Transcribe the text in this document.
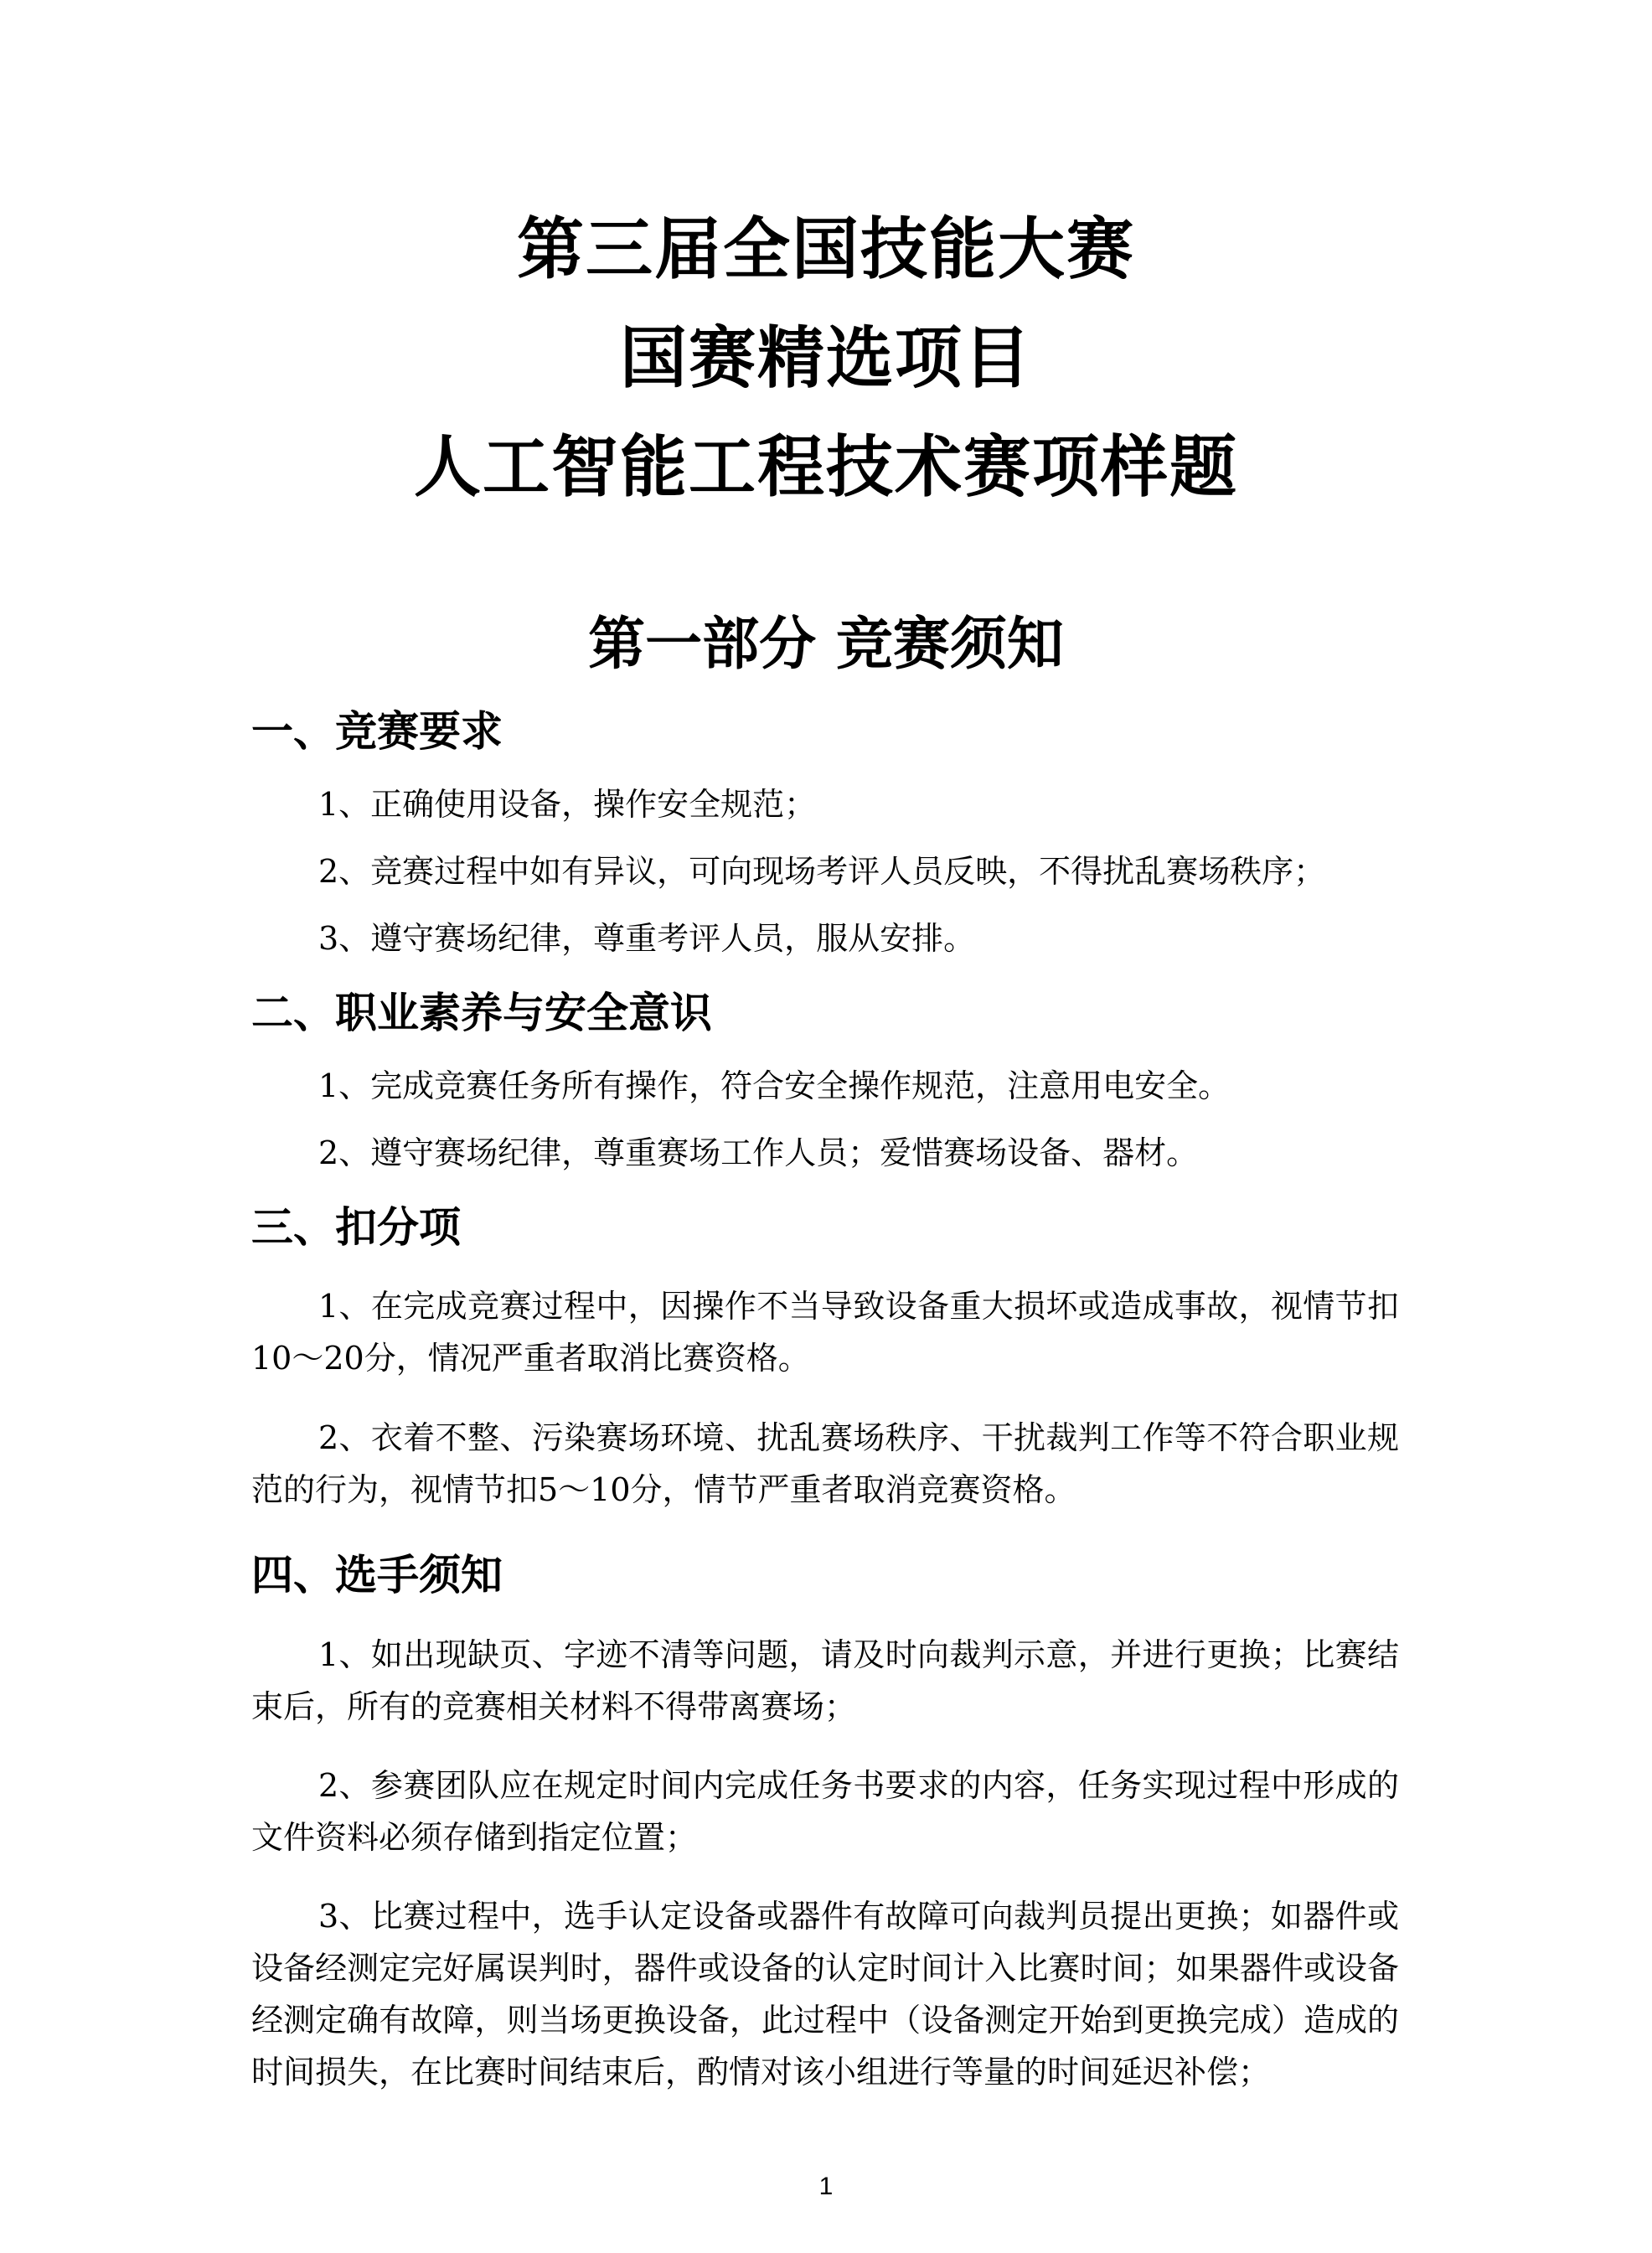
第三届全国技能大赛
国赛精选项目
人工智能工程技术赛项样题
第一部分 竞赛须知
一、竞赛要求
1、正确使用设备，操作安全规范；
2、竞赛过程中如有异议，可向现场考评人员反映，不得扰乱赛场秩序；
3、遵守赛场纪律，尊重考评人员，服从安排。
二、职业素养与安全意识
1、完成竞赛任务所有操作，符合安全操作规范，注意用电安全。
2、遵守赛场纪律，尊重赛场工作人员；爱惜赛场设备、器材。
三、扣分项
1、在完成竞赛过程中，因操作不当导致设备重大损坏或造成事故，视情节扣10～20分，情况严重者取消比赛资格。
2、衣着不整、污染赛场环境、扰乱赛场秩序、干扰裁判工作等不符合职业规范的行为，视情节扣5～10分，情节严重者取消竞赛资格。
四、选手须知
1、如出现缺页、字迹不清等问题，请及时向裁判示意，并进行更换；比赛结束后，所有的竞赛相关材料不得带离赛场；
2、参赛团队应在规定时间内完成任务书要求的内容，任务实现过程中形成的文件资料必须存储到指定位置；
3、比赛过程中，选手认定设备或器件有故障可向裁判员提出更换；如器件或设备经测定完好属误判时，器件或设备的认定时间计入比赛时间；如果器件或设备经测定确有故障，则当场更换设备，此过程中（设备测定开始到更换完成）造成的时间损失，在比赛时间结束后，酌情对该小组进行等量的时间延迟补偿；
1
